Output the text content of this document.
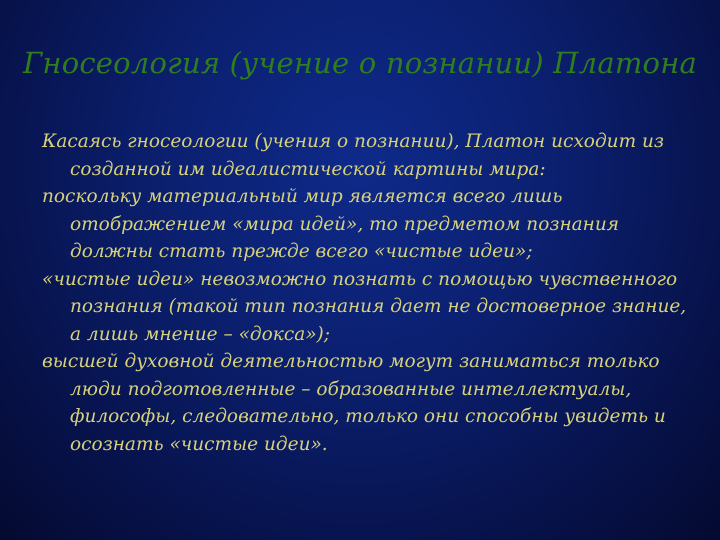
Гносеология (учение о познании) Платона
Касаясь гносеологии (учения о познании), Платон исходит из созданной им идеалистической картины мира:
поскольку материальный мир является всего лишь отображением «мира идей», то предметом познания должны стать прежде всего «чистые идеи»;
«чистые идеи» невозможно познать с помощью чувственного познания (такой тип познания дает не достоверное знание, а лишь мнение – «докса»);
высшей духовной деятельностью могут заниматься только люди подготовленные – образованные интеллектуалы, философы, следовательно, только они способны увидеть и осознать «чистые идеи».
